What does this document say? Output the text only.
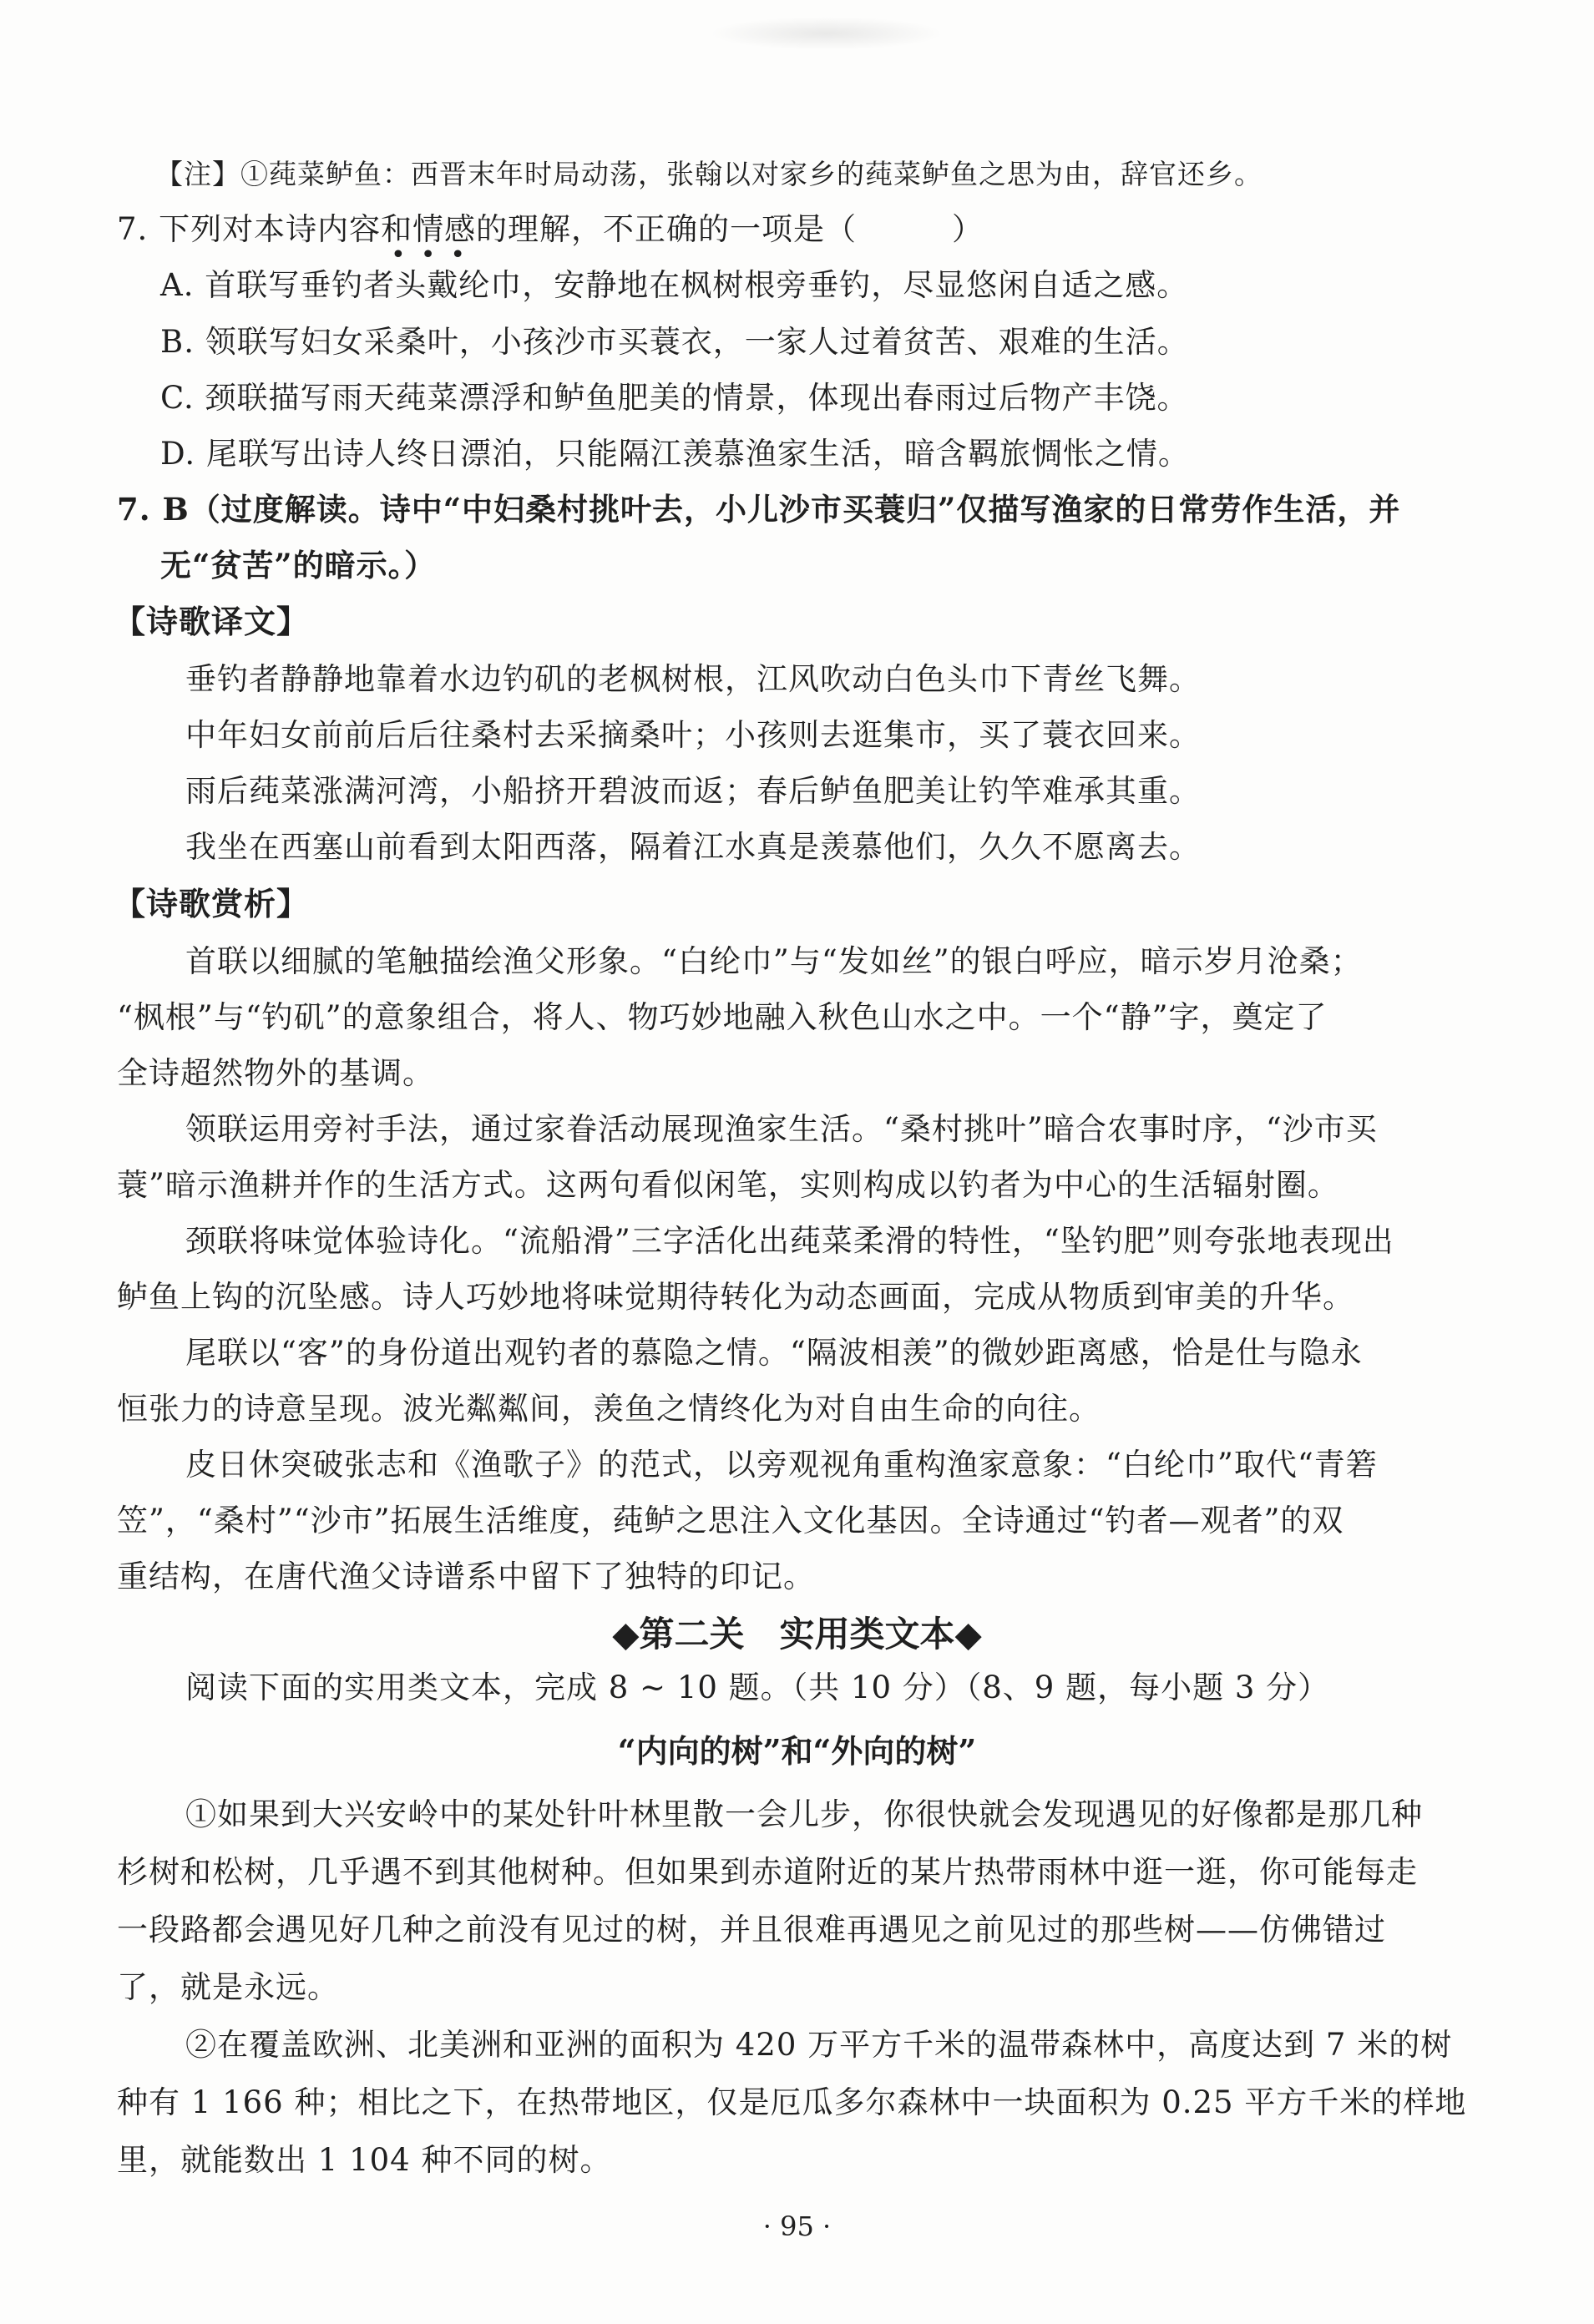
【注】①莼菜鲈鱼：西晋末年时局动荡，张翰以对家乡的莼菜鲈鱼之思为由，辞官还乡。
7. 下列对本诗内容和情感的理解，不正确的一项是（　　　）
•••
A. 首联写垂钓者头戴纶巾，安静地在枫树根旁垂钓，尽显悠闲自适之感。
B. 领联写妇女采桑叶，小孩沙市买蓑衣，一家人过着贫苦、艰难的生活。
C. 颈联描写雨天莼菜漂浮和鲈鱼肥美的情景，体现出春雨过后物产丰饶。
D. 尾联写出诗人终日漂泊，只能隔江羡慕渔家生活，暗含羁旅惆怅之情。
7. B（过度解读。诗中“中妇桑村挑叶去，小儿沙市买蓑归”仅描写渔家的日常劳作生活，并
无“贫苦”的暗示。）
【诗歌译文】
垂钓者静静地靠着水边钓矶的老枫树根，江风吹动白色头巾下青丝飞舞。
中年妇女前前后后往桑村去采摘桑叶；小孩则去逛集市，买了蓑衣回来。
雨后莼菜涨满河湾，小船挤开碧波而返；春后鲈鱼肥美让钓竿难承其重。
我坐在西塞山前看到太阳西落，隔着江水真是羡慕他们，久久不愿离去。
【诗歌赏析】
首联以细腻的笔触描绘渔父形象。“白纶巾”与“发如丝”的银白呼应，暗示岁月沧桑；
“枫根”与“钓矶”的意象组合，将人、物巧妙地融入秋色山水之中。一个“静”字，奠定了
全诗超然物外的基调。
领联运用旁衬手法，通过家眷活动展现渔家生活。“桑村挑叶”暗合农事时序，“沙市买
蓑”暗示渔耕并作的生活方式。这两句看似闲笔，实则构成以钓者为中心的生活辐射圈。
颈联将味觉体验诗化。“流船滑”三字活化出莼菜柔滑的特性，“坠钓肥”则夸张地表现出
鲈鱼上钩的沉坠感。诗人巧妙地将味觉期待转化为动态画面，完成从物质到审美的升华。
尾联以“客”的身份道出观钓者的慕隐之情。“隔波相羡”的微妙距离感，恰是仕与隐永
恒张力的诗意呈现。波光粼粼间，羡鱼之情终化为对自由生命的向往。
皮日休突破张志和《渔歌子》的范式，以旁观视角重构渔家意象：“白纶巾”取代“青箬
笠”，“桑村”“沙市”拓展生活维度，莼鲈之思注入文化基因。全诗通过“钓者—观者”的双
重结构，在唐代渔父诗谱系中留下了独特的印记。
◆第二关　实用类文本◆
阅读下面的实用类文本，完成 8 ~ 10 题。（共 10 分）（8、9 题，每小题 3 分）
“内向的树”和“外向的树”
①如果到大兴安岭中的某处针叶林里散一会儿步，你很快就会发现遇见的好像都是那几种
杉树和松树，几乎遇不到其他树种。但如果到赤道附近的某片热带雨林中逛一逛，你可能每走
一段路都会遇见好几种之前没有见过的树，并且很难再遇见之前见过的那些树——仿佛错过
了，就是永远。
②在覆盖欧洲、北美洲和亚洲的面积为 420 万平方千米的温带森林中，高度达到 7 米的树
种有 1 166 种；相比之下，在热带地区，仅是厄瓜多尔森林中一块面积为 0.25 平方千米的样地
里，就能数出 1 104 种不同的树。
· 95 ·
